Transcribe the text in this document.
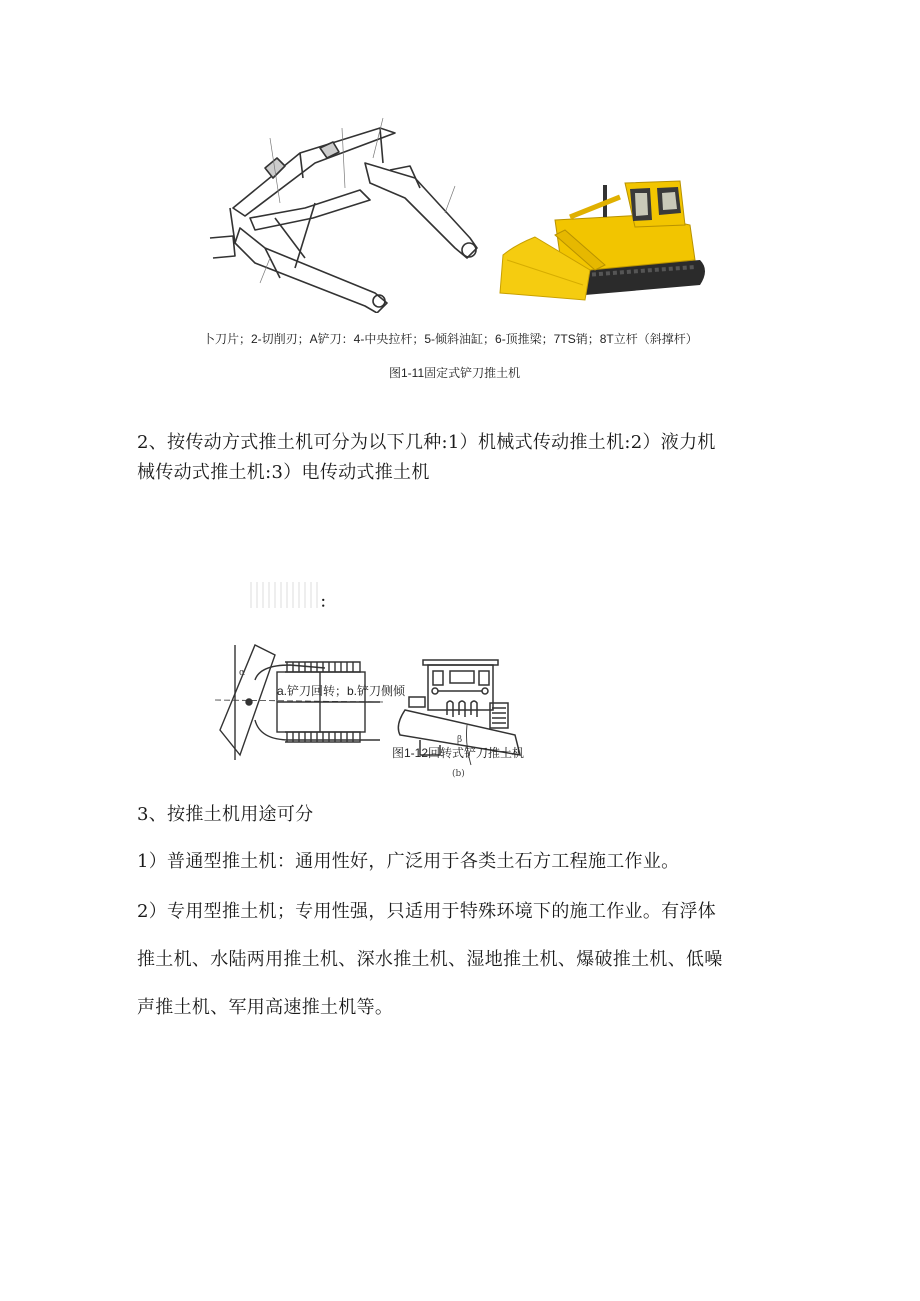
卜刀片；2-切削刃；A铲刀：4-中央拉杆；5-倾斜油缸；6-顶推梁；7TS销；8T立杆（斜撑杆）
图1-11固定式铲刀推土机
2、按传动方式推土机可分为以下几种:1）机械式传动推土机:2）液力机
械传动式推土机:3）电传动式推土机
：
α
β
(b)
a.铲刀回转；b.铲刀侧倾
图1-12回转式铲刀推土机
3、按推土机用途可分
1）普通型推土机：通用性好，广泛用于各类土石方工程施工作业。
2）专用型推土机；专用性强，只适用于特殊环境下的施工作业。有浮体
推土机、水陆两用推土机、深水推土机、湿地推土机、爆破推土机、低噪
声推土机、军用高速推土机等。
